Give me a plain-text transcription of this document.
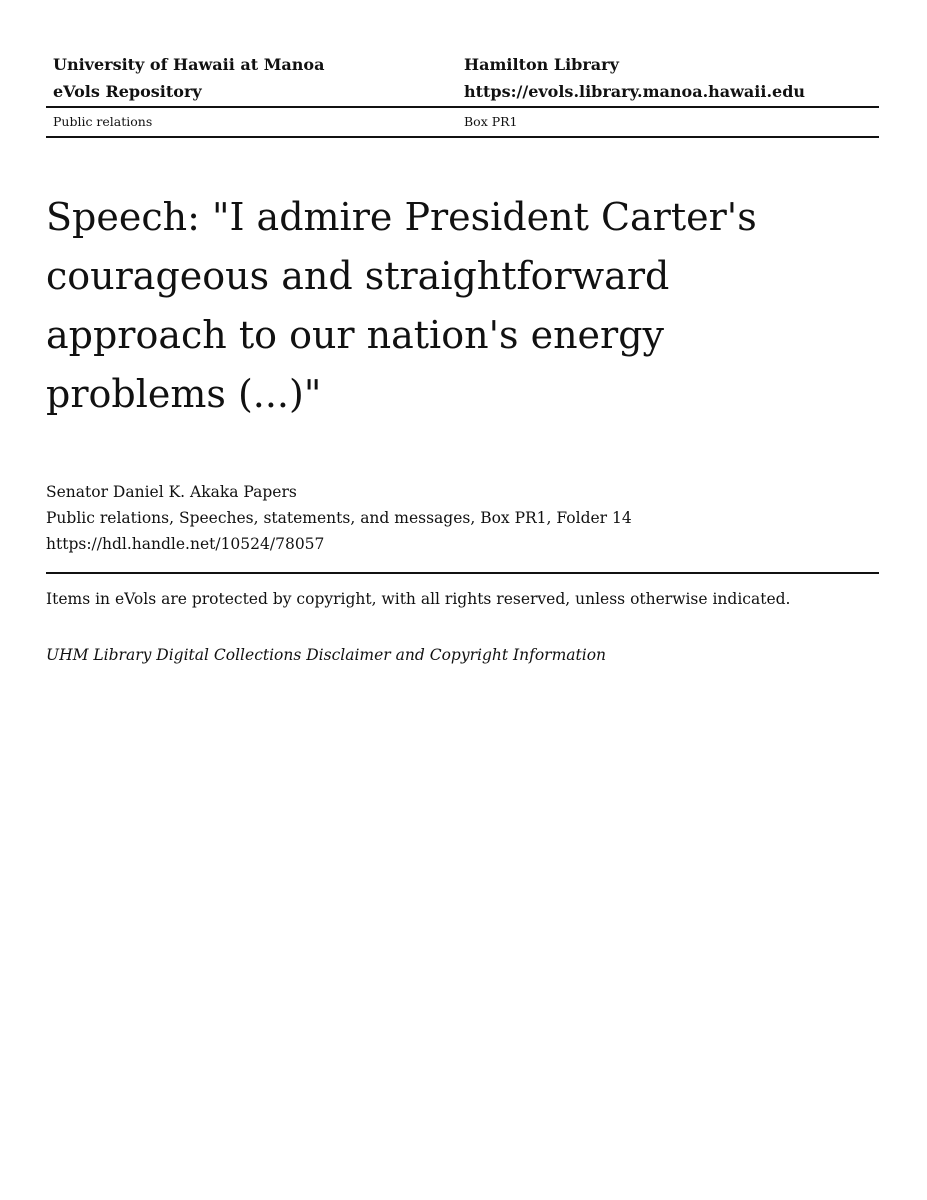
University of Hawaii at Manoa	Hamilton Library
eVols Repository	https://evols.library.manoa.hawaii.edu
Public relations	Box PR1
Speech: "I admire President Carter's courageous and straightforward approach to our nation's energy problems (...)"
Senator Daniel K. Akaka Papers
Public relations, Speeches, statements, and messages, Box PR1, Folder 14
https://hdl.handle.net/10524/78057
Items in eVols are protected by copyright, with all rights reserved, unless otherwise indicated.
UHM Library Digital Collections Disclaimer and Copyright Information
